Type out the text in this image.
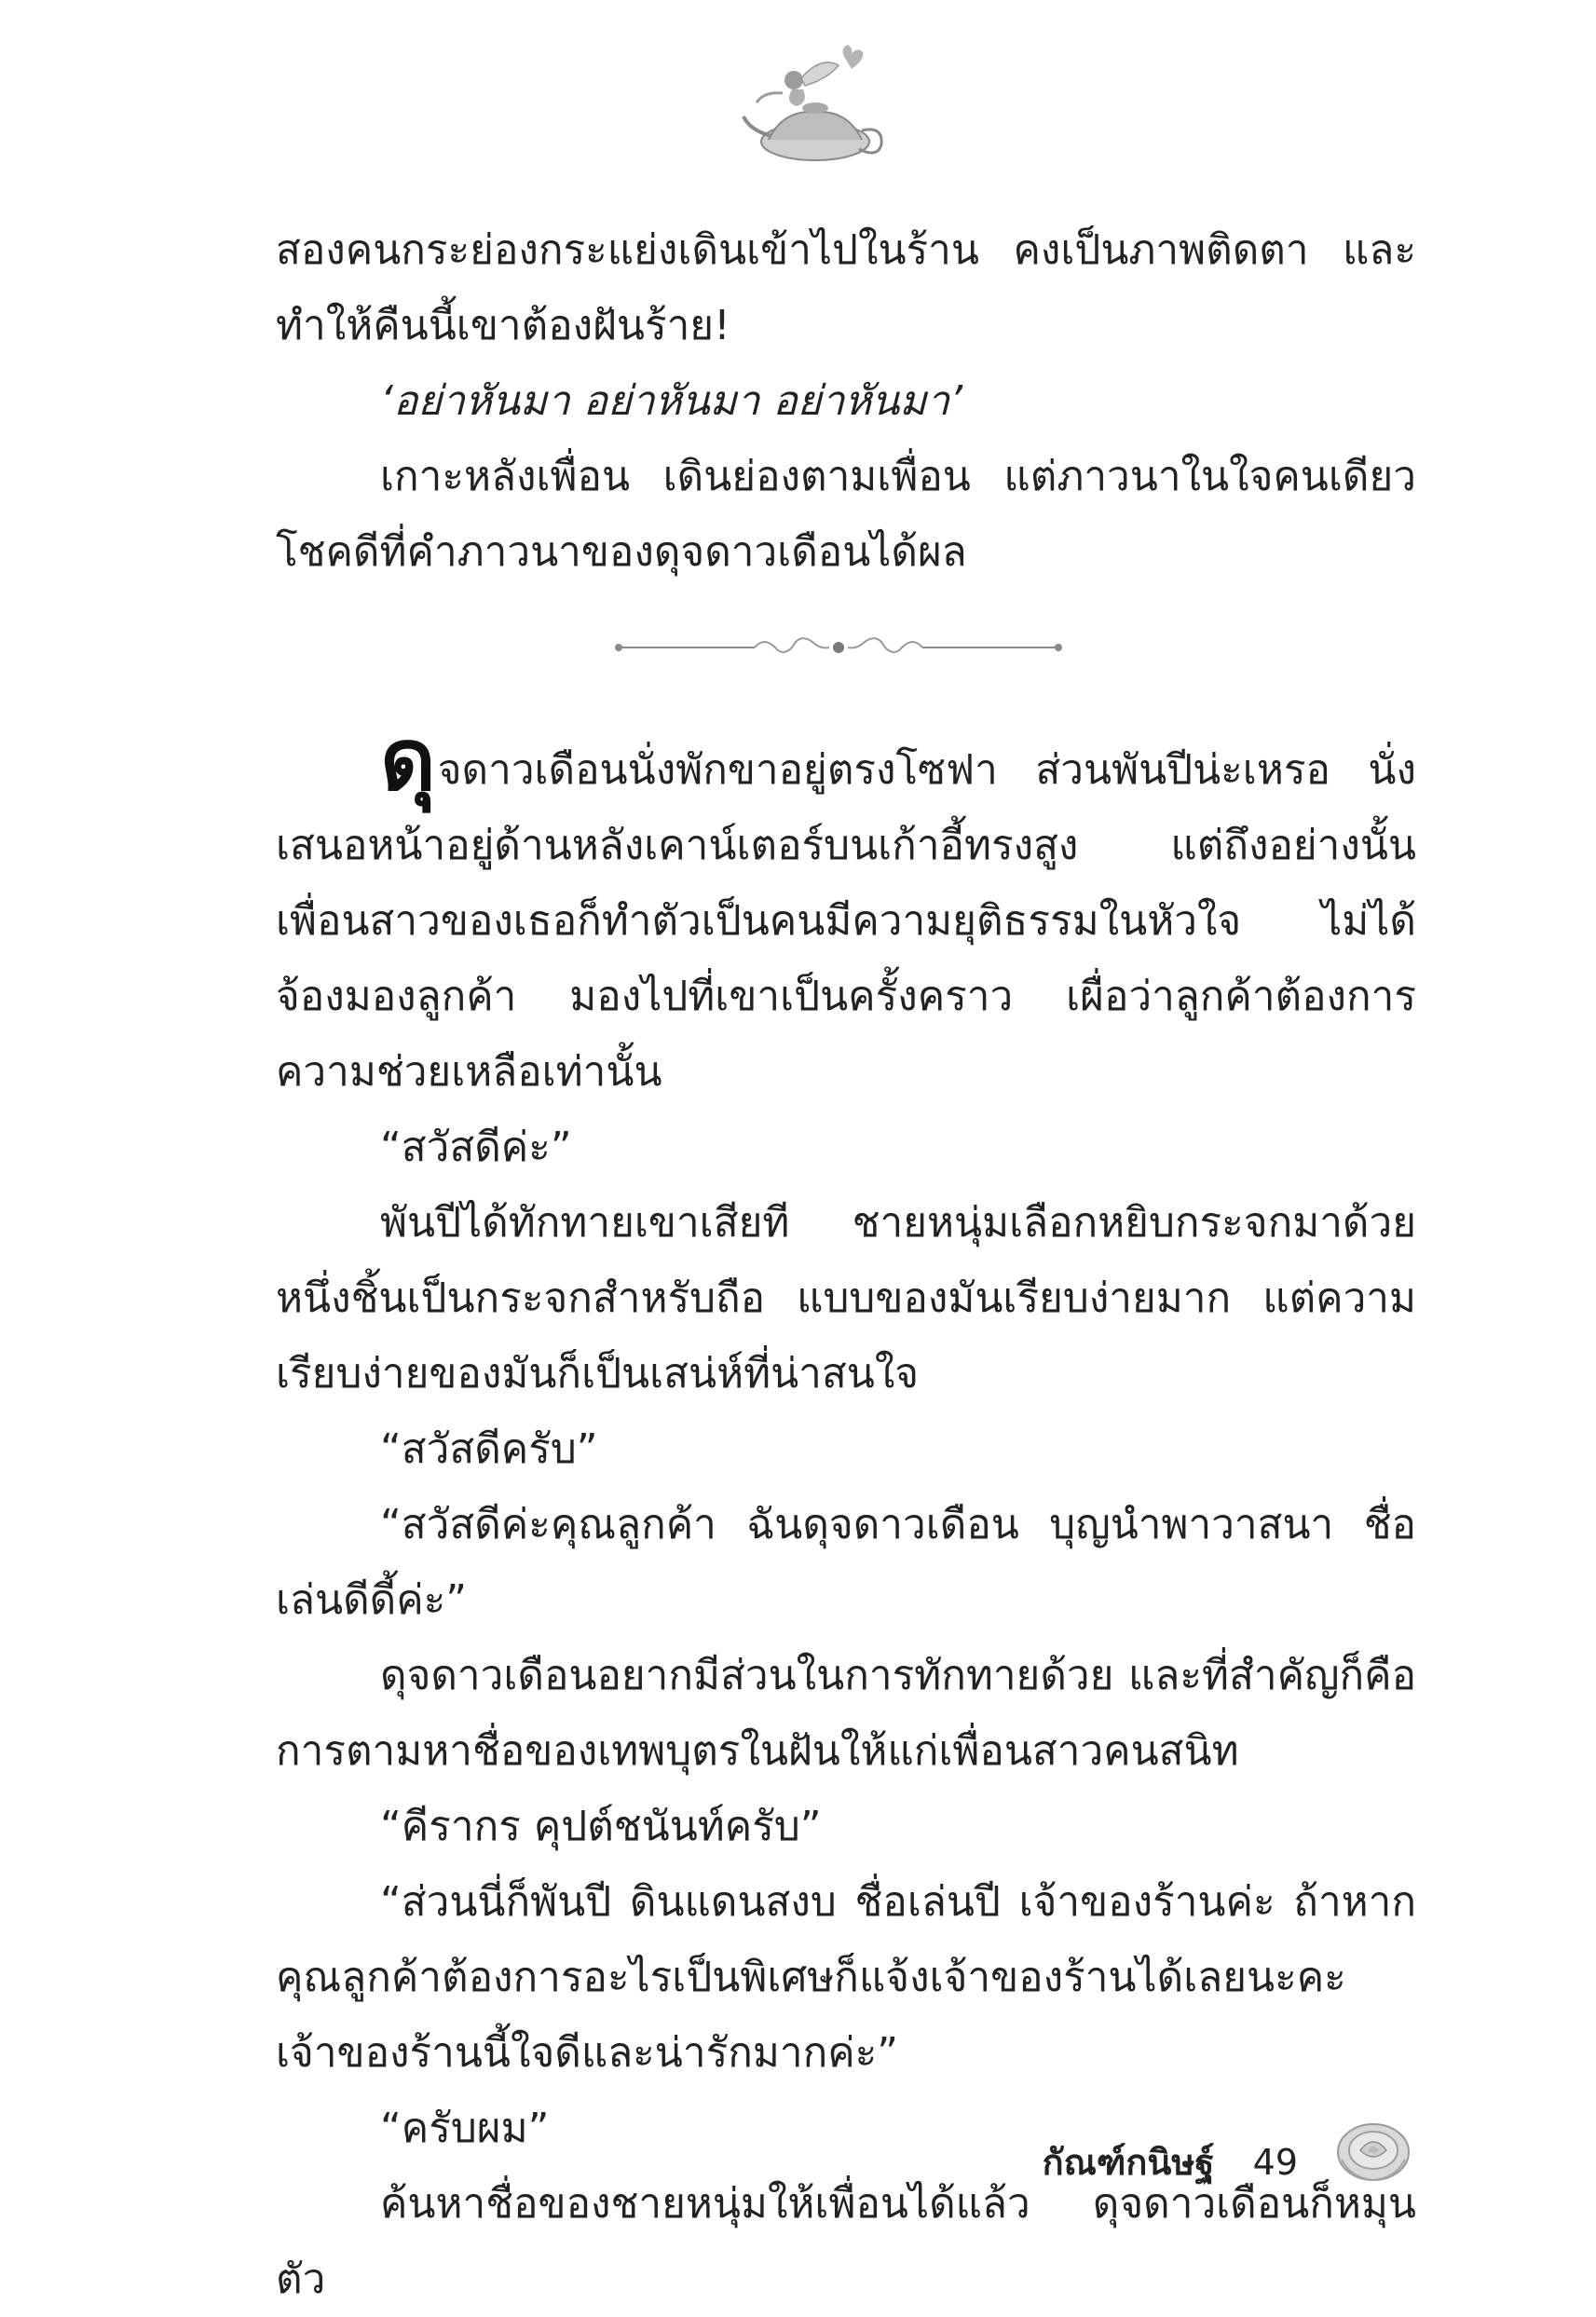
สองคนกระย่องกระแย่งเดินเข้าไปในร้าน คงเป็นภาพติดตา และทำให้คืนนี้เขาต้องฝันร้าย!

‘อย่าหันมา อย่าหันมา อย่าหันมา’

เกาะหลังเพื่อน เดินย่องตามเพื่อน แต่ภาวนาในใจคนเดียว โชคดีที่คำภาวนาของดุจดาวเดือนได้ผล

ดุจดาวเดือนนั่งพักขาอยู่ตรงโซฟา ส่วนพันปีน่ะเหรอ นั่งเสนอหน้าอยู่ด้านหลังเคาน์เตอร์บนเก้าอี้ทรงสูง แต่ถึงอย่างนั้น เพื่อนสาวของเธอก็ทำตัวเป็นคนมีความยุติธรรมในหัวใจ ไม่ได้จ้องมองลูกค้า มองไปที่เขาเป็นครั้งคราว เผื่อว่าลูกค้าต้องการความช่วยเหลือเท่านั้น

“สวัสดีค่ะ”

พันปีได้ทักทายเขาเสียที ชายหนุ่มเลือกหยิบกระจกมาด้วยหนึ่งชิ้นเป็นกระจกสำหรับถือ แบบของมันเรียบง่ายมาก แต่ความเรียบง่ายของมันก็เป็นเสน่ห์ที่น่าสนใจ

“สวัสดีครับ”

“สวัสดีค่ะคุณลูกค้า ฉันดุจดาวเดือน บุญนำพาวาสนา ชื่อเล่นดีดี้ค่ะ”

ดุจดาวเดือนอยากมีส่วนในการทักทายด้วย และที่สำคัญก็คือการตามหาชื่อของเทพบุตรในฝันให้แก่เพื่อนสาวคนสนิท

“คีรากร คุปต์ชนันท์ครับ”

“ส่วนนี่ก็พันปี ดินแดนสงบ ชื่อเล่นปี เจ้าของร้านค่ะ ถ้าหากคุณลูกค้าต้องการอะไรเป็นพิเศษก็แจ้งเจ้าของร้านได้เลยนะคะ เจ้าของร้านนี้ใจดีและน่ารักมากค่ะ”

“ครับผม”

ค้นหาชื่อของชายหนุ่มให้เพื่อนได้แล้ว ดุจดาวเดือนก็หมุนตัว

กัณฑ์กนิษฐ์ 49
